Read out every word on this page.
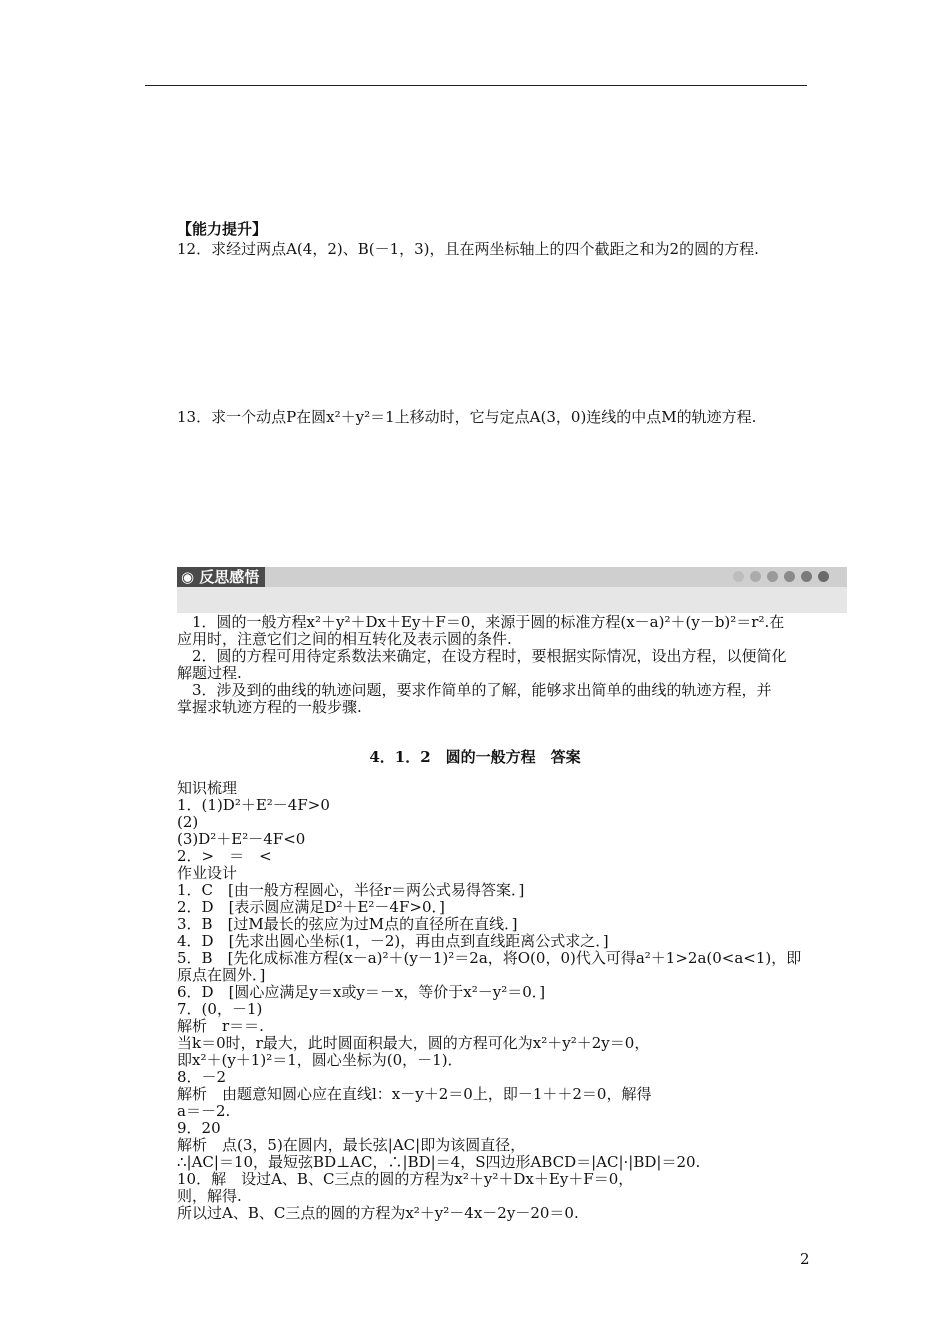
【能力提升】
12．求经过两点A(4，2)、B(－1，3)，且在两坐标轴上的四个截距之和为2的圆的方程.
13．求一个动点P在圆x²＋y²＝1上移动时，它与定点A(3，0)连线的中点M的轨迹方程.
◉ 反思感悟
1．圆的一般方程x²＋y²＋Dx＋Ey＋F＝0，来源于圆的标准方程(x－a)²＋(y－b)²＝r².在
应用时，注意它们之间的相互转化及表示圆的条件.
2．圆的方程可用待定系数法来确定，在设方程时，要根据实际情况，设出方程，以便简化
解题过程.
3．涉及到的曲线的轨迹问题，要求作简单的了解，能够求出简单的曲线的轨迹方程，并
掌握求轨迹方程的一般步骤.
4．1．2　圆的一般方程　答案
知识梳理
1．(1)D²＋E²－4F>0
(2)
(3)D²＋E²－4F<0
2．>　＝　<
作业设计
1．C　[由一般方程圆心，半径r＝两公式易得答案．]
2．D　[表示圆应满足D²＋E²－4F>0．]
3．B　[过M最长的弦应为过M点的直径所在直线．]
4．D　[先求出圆心坐标(1，－2)，再由点到直线距离公式求之．]
5．B　[先化成标准方程(x－a)²＋(y－1)²＝2a，将O(0，0)代入可得a²＋1>2a(0<a<1)，即
原点在圆外．]
6．D　[圆心应满足y＝x或y＝－x，等价于x²－y²＝0．]
7．(0，－1)
解析　r＝＝.
当k＝0时，r最大，此时圆面积最大，圆的方程可化为x²＋y²＋2y＝0，
即x²＋(y＋1)²＝1，圆心坐标为(0，－1)．
8．－2
解析　由题意知圆心应在直线l：x－y＋2＝0上，即－1＋＋2＝0，解得
a＝－2.
9．20
解析　点(3，5)在圆内，最长弦|AC|即为该圆直径，
∴|AC|＝10，最短弦BD⊥AC，∴|BD|＝4，S四边形ABCD＝|AC|·|BD|＝20.
10．解　设过A、B、C三点的圆的方程为x²＋y²＋Dx＋Ey＋F＝0，
则，解得.
所以过A、B、C三点的圆的方程为x²＋y²－4x－2y－20＝0.
2
